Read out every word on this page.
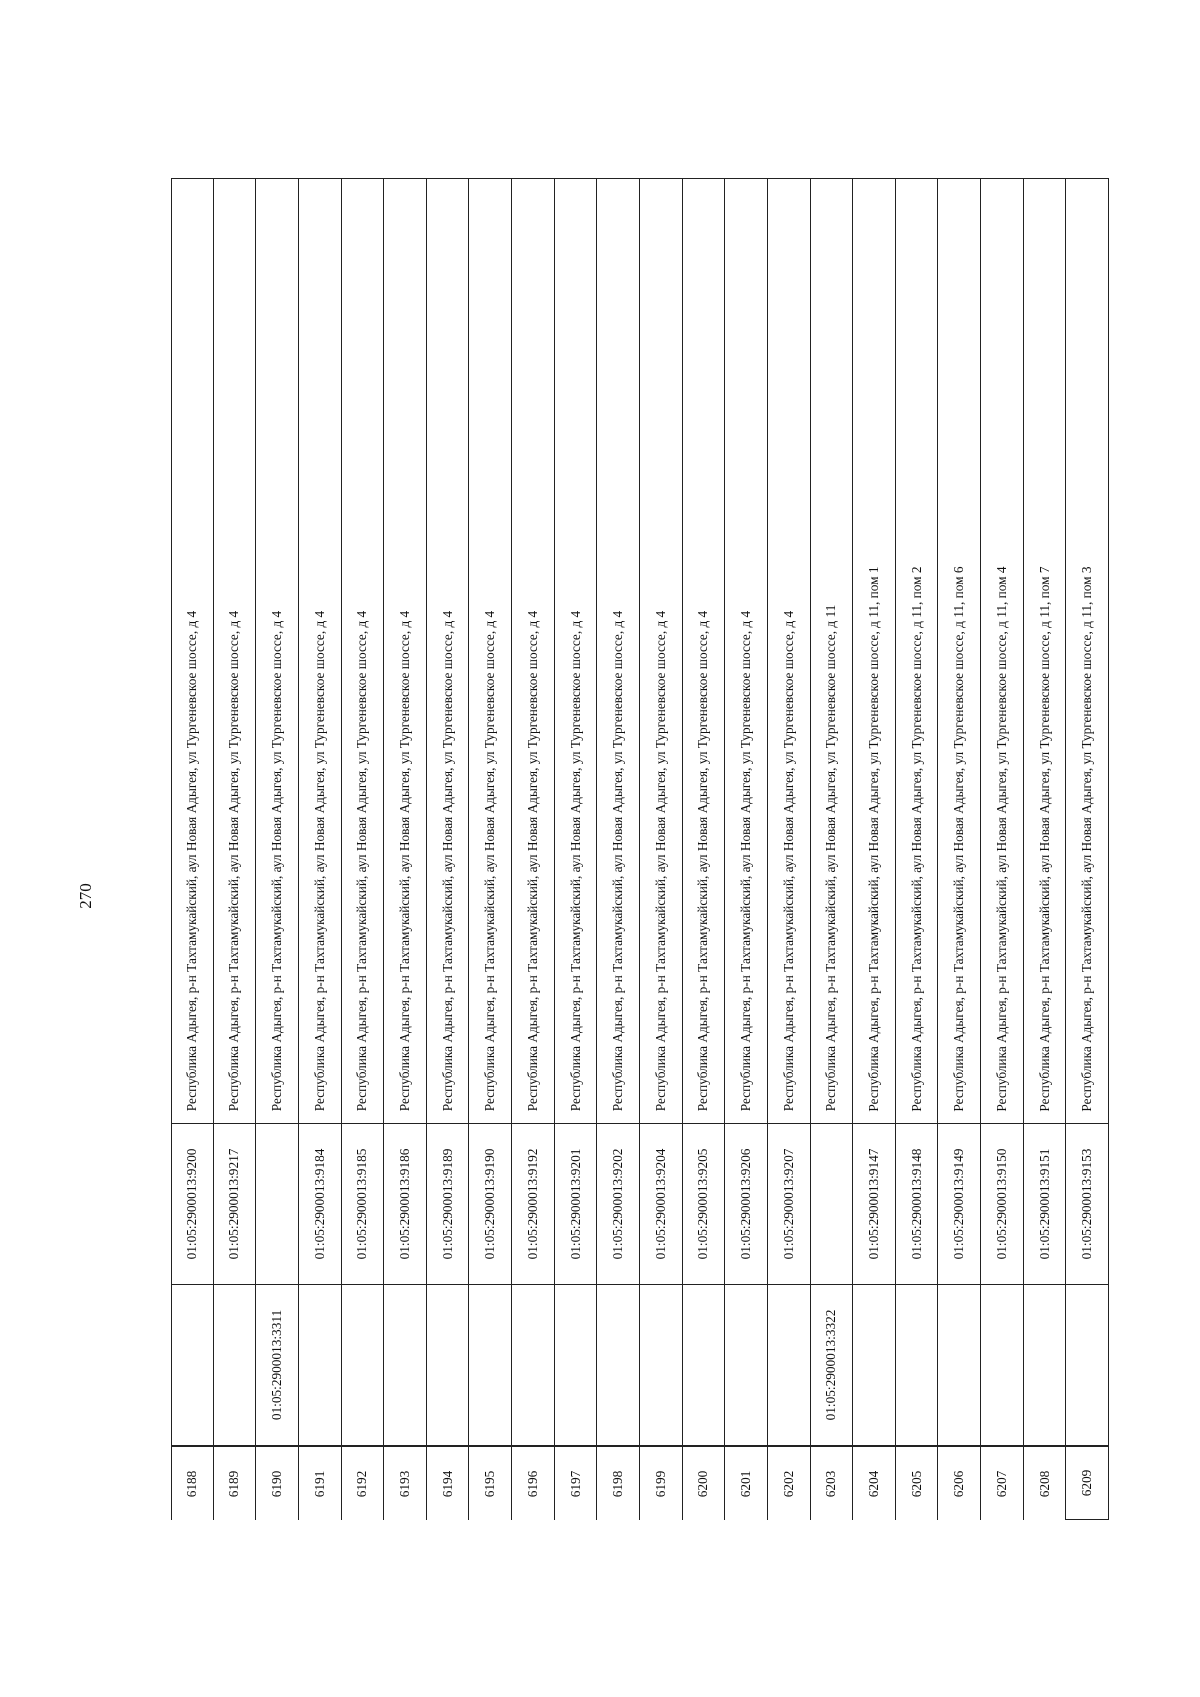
270
6188
01:05:2900013:9200
Республика Адыгея, р-н Тахтамукайский, аул Новая Адыгея, ул Тургеневское шоссе, д 4
6189
01:05:2900013:9217
Республика Адыгея, р-н Тахтамукайский, аул Новая Адыгея, ул Тургеневское шоссе, д 4
6190
01:05:2900013:3311
Республика Адыгея, р-н Тахтамукайский, аул Новая Адыгея, ул Тургеневское шоссе, д 4
6191
01:05:2900013:9184
Республика Адыгея, р-н Тахтамукайский, аул Новая Адыгея, ул Тургеневское шоссе, д 4
6192
01:05:2900013:9185
Республика Адыгея, р-н Тахтамукайский, аул Новая Адыгея, ул Тургеневское шоссе, д 4
6193
01:05:2900013:9186
Республика Адыгея, р-н Тахтамукайский, аул Новая Адыгея, ул Тургеневское шоссе, д 4
6194
01:05:2900013:9189
Республика Адыгея, р-н Тахтамукайский, аул Новая Адыгея, ул Тургеневское шоссе, д 4
6195
01:05:2900013:9190
Республика Адыгея, р-н Тахтамукайский, аул Новая Адыгея, ул Тургеневское шоссе, д 4
6196
01:05:2900013:9192
Республика Адыгея, р-н Тахтамукайский, аул Новая Адыгея, ул Тургеневское шоссе, д 4
6197
01:05:2900013:9201
Республика Адыгея, р-н Тахтамукайский, аул Новая Адыгея, ул Тургеневское шоссе, д 4
6198
01:05:2900013:9202
Республика Адыгея, р-н Тахтамукайский, аул Новая Адыгея, ул Тургеневское шоссе, д 4
6199
01:05:2900013:9204
Республика Адыгея, р-н Тахтамукайский, аул Новая Адыгея, ул Тургеневское шоссе, д 4
6200
01:05:2900013:9205
Республика Адыгея, р-н Тахтамукайский, аул Новая Адыгея, ул Тургеневское шоссе, д 4
6201
01:05:2900013:9206
Республика Адыгея, р-н Тахтамукайский, аул Новая Адыгея, ул Тургеневское шоссе, д 4
6202
01:05:2900013:9207
Республика Адыгея, р-н Тахтамукайский, аул Новая Адыгея, ул Тургеневское шоссе, д 4
6203
01:05:2900013:3322
Республика Адыгея, р-н Тахтамукайский, аул Новая Адыгея, ул Тургеневское шоссе, д 11
6204
01:05:2900013:9147
Республика Адыгея, р-н Тахтамукайский, аул Новая Адыгея, ул Тургеневское шоссе, д 11, пом 1
6205
01:05:2900013:9148
Республика Адыгея, р-н Тахтамукайский, аул Новая Адыгея, ул Тургеневское шоссе, д 11, пом 2
6206
01:05:2900013:9149
Республика Адыгея, р-н Тахтамукайский, аул Новая Адыгея, ул Тургеневское шоссе, д 11, пом 6
6207
01:05:2900013:9150
Республика Адыгея, р-н Тахтамукайский, аул Новая Адыгея, ул Тургеневское шоссе, д 11, пом 4
6208
01:05:2900013:9151
Республика Адыгея, р-н Тахтамукайский, аул Новая Адыгея, ул Тургеневское шоссе, д 11, пом 7
6209
01:05:2900013:9153
Республика Адыгея, р-н Тахтамукайский, аул Новая Адыгея, ул Тургеневское шоссе, д 11, пом 3
